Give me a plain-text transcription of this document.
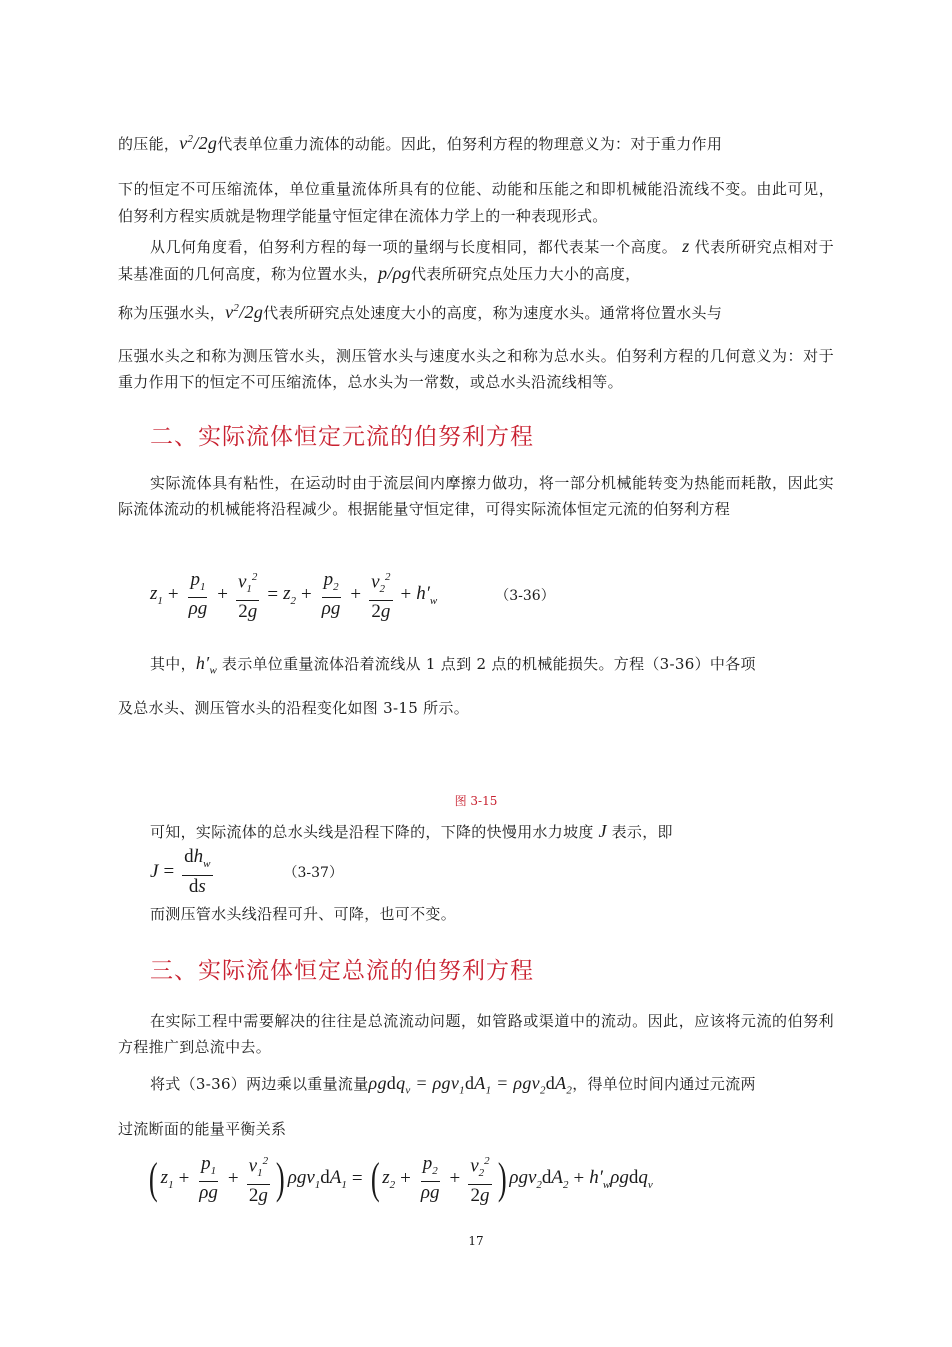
的压能，$v^2/2g$代表单位重力流体的动能。因此，伯努利方程的物理意义为：对于重力作用
下的恒定不可压缩流体，单位重量流体所具有的位能、动能和压能之和即机械能沿流线不变。由此可见，伯努利方程实质就是物理学能量守恒定律在流体力学上的一种表现形式。
从几何角度看，伯努利方程的每一项的量纲与长度相同，都代表某一个高度。 z 代表所研究点相对于某基准面的几何高度，称为位置水头，p/ρg代表所研究点处压力大小的高度，
称为压强水头，$v^2/2g$代表所研究点处速度大小的高度，称为速度水头。通常将位置水头与
压强水头之和称为测压管水头，测压管水头与速度水头之和称为总水头。伯努利方程的几何意义为：对于重力作用下的恒定不可压缩流体，总水头为一常数，或总水头沿流线相等。
二、实际流体恒定元流的伯努利方程
实际流体具有粘性，在运动时由于流层间内摩擦力做功，将一部分机械能转变为热能而耗散，因此实际流体流动的机械能将沿程减少。根据能量守恒定律，可得实际流体恒定元流的伯努利方程
$z_1 + \frac{p_1}{\rho g} + \frac{v_1^2}{2g} = z_2 + \frac{p_2}{\rho g} + \frac{v_2^2}{2g} + h'_w$	（3-36）
其中，$h'_w$ 表示单位重量流体沿着流线从 1 点到 2 点的机械能损失。方程（3-36）中各项
及总水头、测压管水头的沿程变化如图 3-15 所示。
图 3-15
可知，实际流体的总水头线是沿程下降的，下降的快慢用水力坡度 J 表示，即
$J = \frac{dh_w}{ds}$	（3-37）
而测压管水头线沿程可升、可降，也可不变。
三、实际流体恒定总流的伯努利方程
在实际工程中需要解决的往往是总流流动问题，如管路或渠道中的流动。因此，应该将元流的伯努利方程推广到总流中去。
将式（3-36）两边乘以重量流量$\rho gdq_v = \rho gv_1dA_1 = \rho gv_2dA_2$，得单位时间内通过元流两
过流断面的能量平衡关系
( $z_1 + \frac{p_1}{\rho g} + \frac{v_1^2}{2g}$ ) $\rho gv_1dA_1$ = ( $z_2 + \frac{p_2}{\rho g} + \frac{v_2^2}{2g}$ ) $\rho gv_2dA_2 + h'_w\rho gdq_v$
17
